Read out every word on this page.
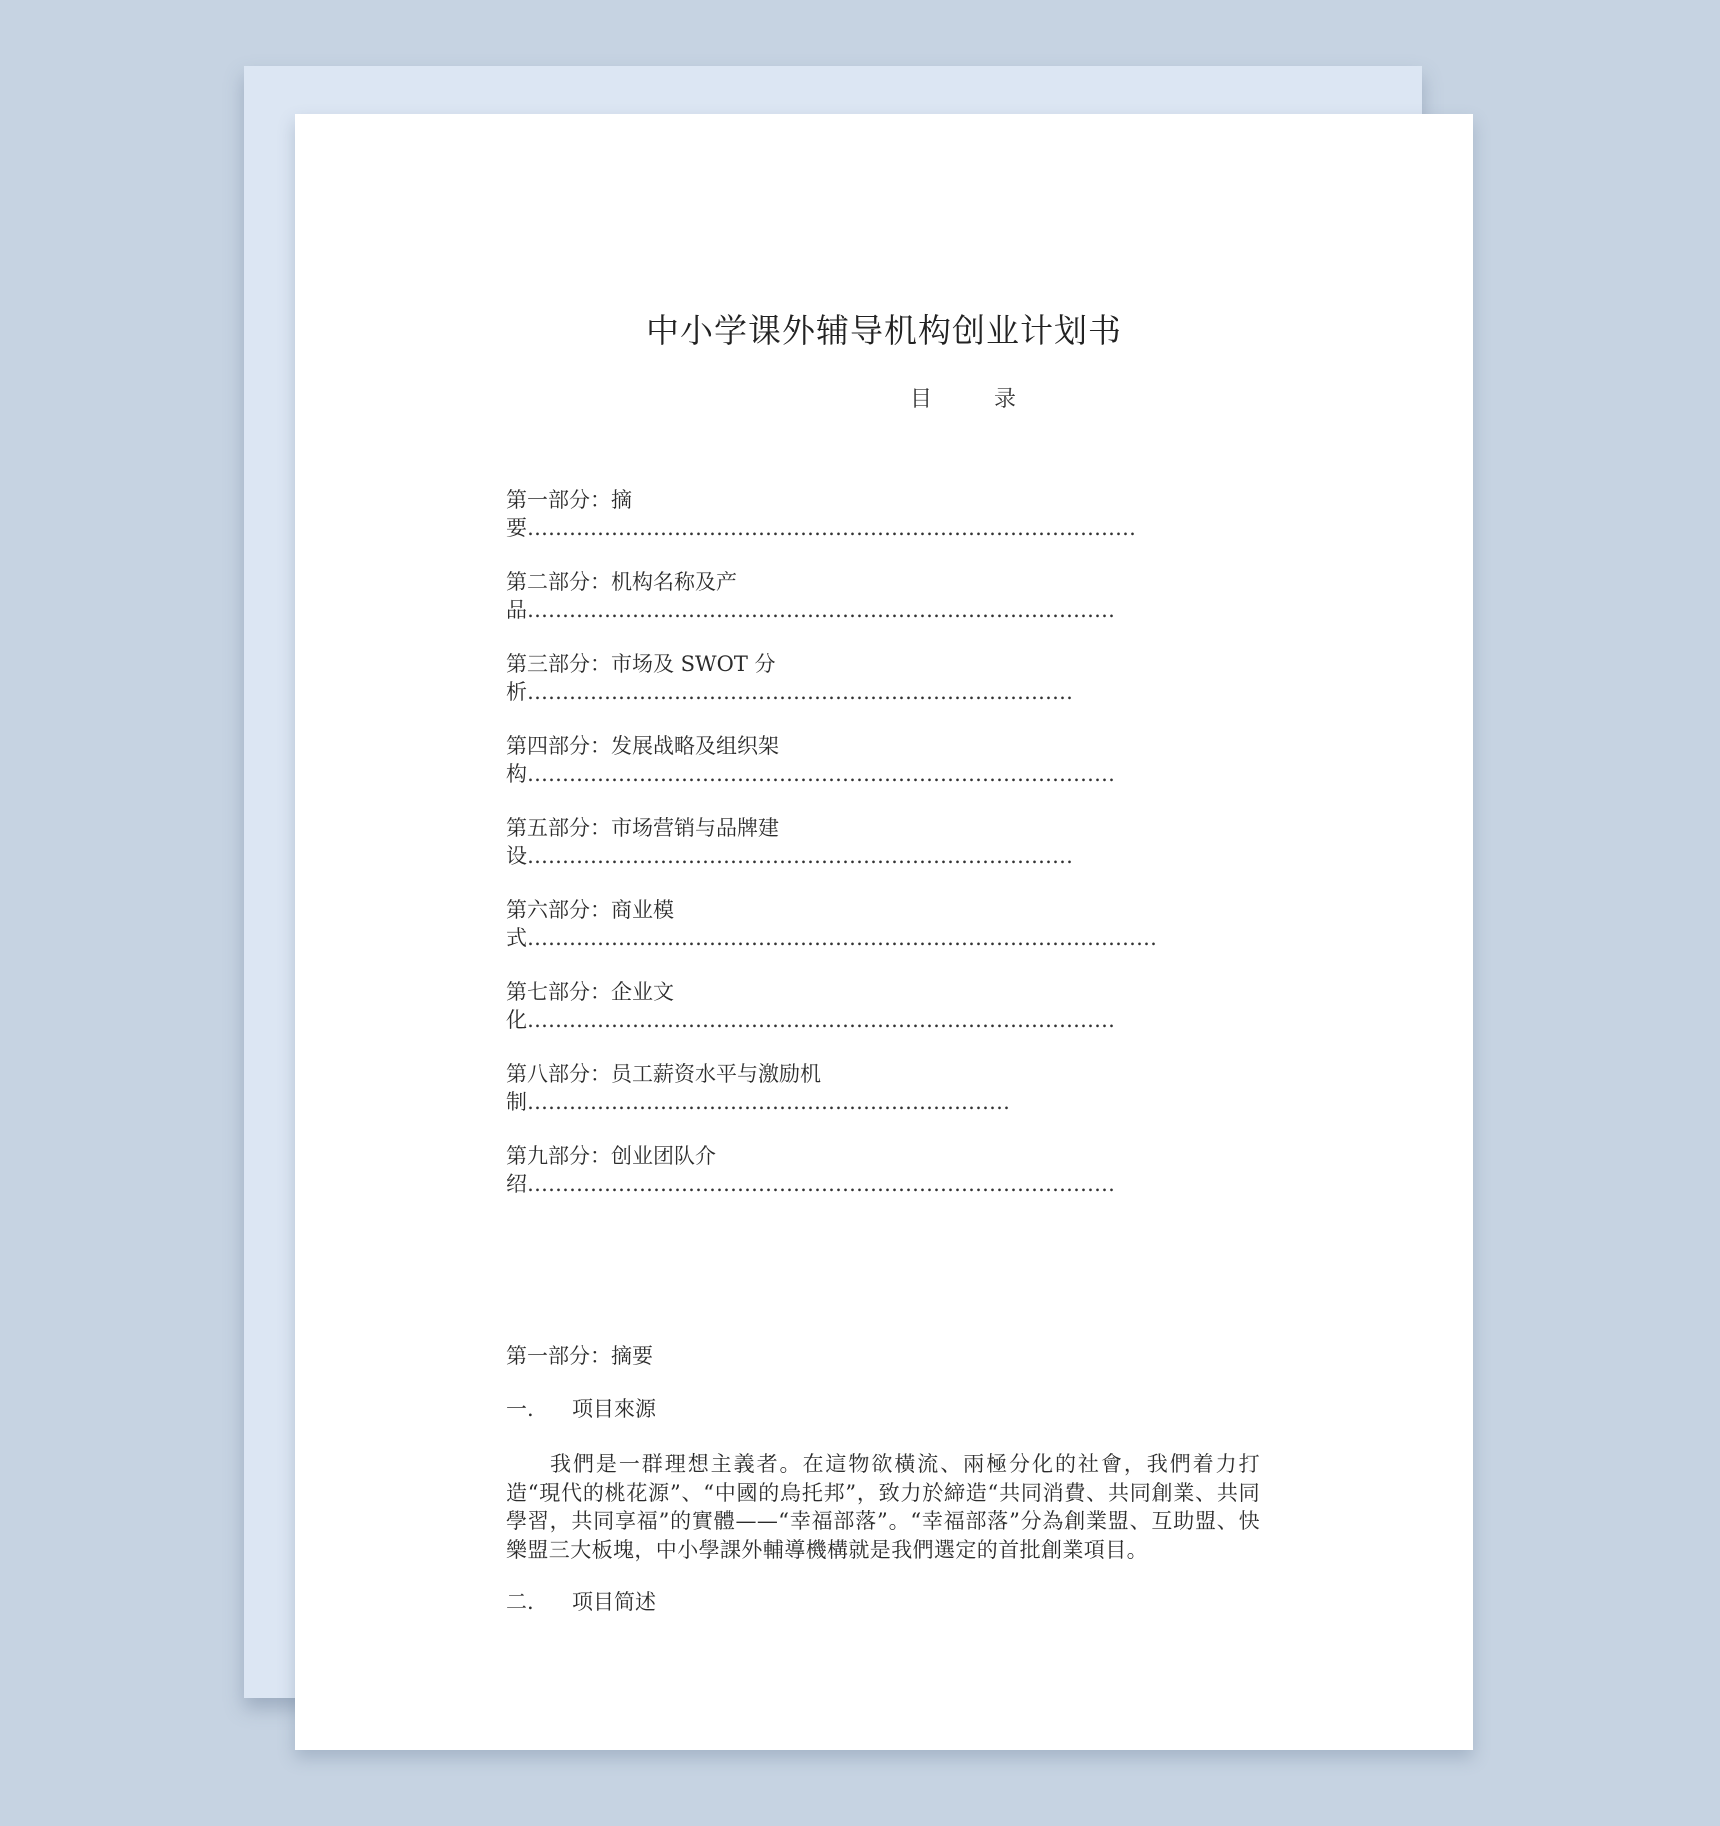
中小学课外辅导机构创业计划书
目录
第一部分：摘
要……………………………………………………………………………
第二部分：机构名称及产
品…………………………………………………………………………
第三部分：市场及 SWOT 分
析……………………………………………………………………
第四部分：发展战略及组织架
构…………………………………………………………………………
第五部分：市场营销与品牌建
设……………………………………………………………………
第六部分：商业模
式………………………………………………………………………………
第七部分：企业文
化…………………………………………………………………………
第八部分：员工薪资水平与激励机
制……………………………………………………………
第九部分：创业团队介
绍…………………………………………………………………………
第一部分：摘要
一. 项目來源

我們是一群理想主義者。在這物欲橫流、兩極分化的社會，我們着力打造“現代的桃花源”、“中國的烏托邦”，致力於締造“共同消費、共同創業、共同學習，共同享福”的實體——“幸福部落”。“幸福部落”分為創業盟、互助盟、快樂盟三大板塊，中小學課外輔導機構就是我們選定的首批創業項目。

二. 项目简述
